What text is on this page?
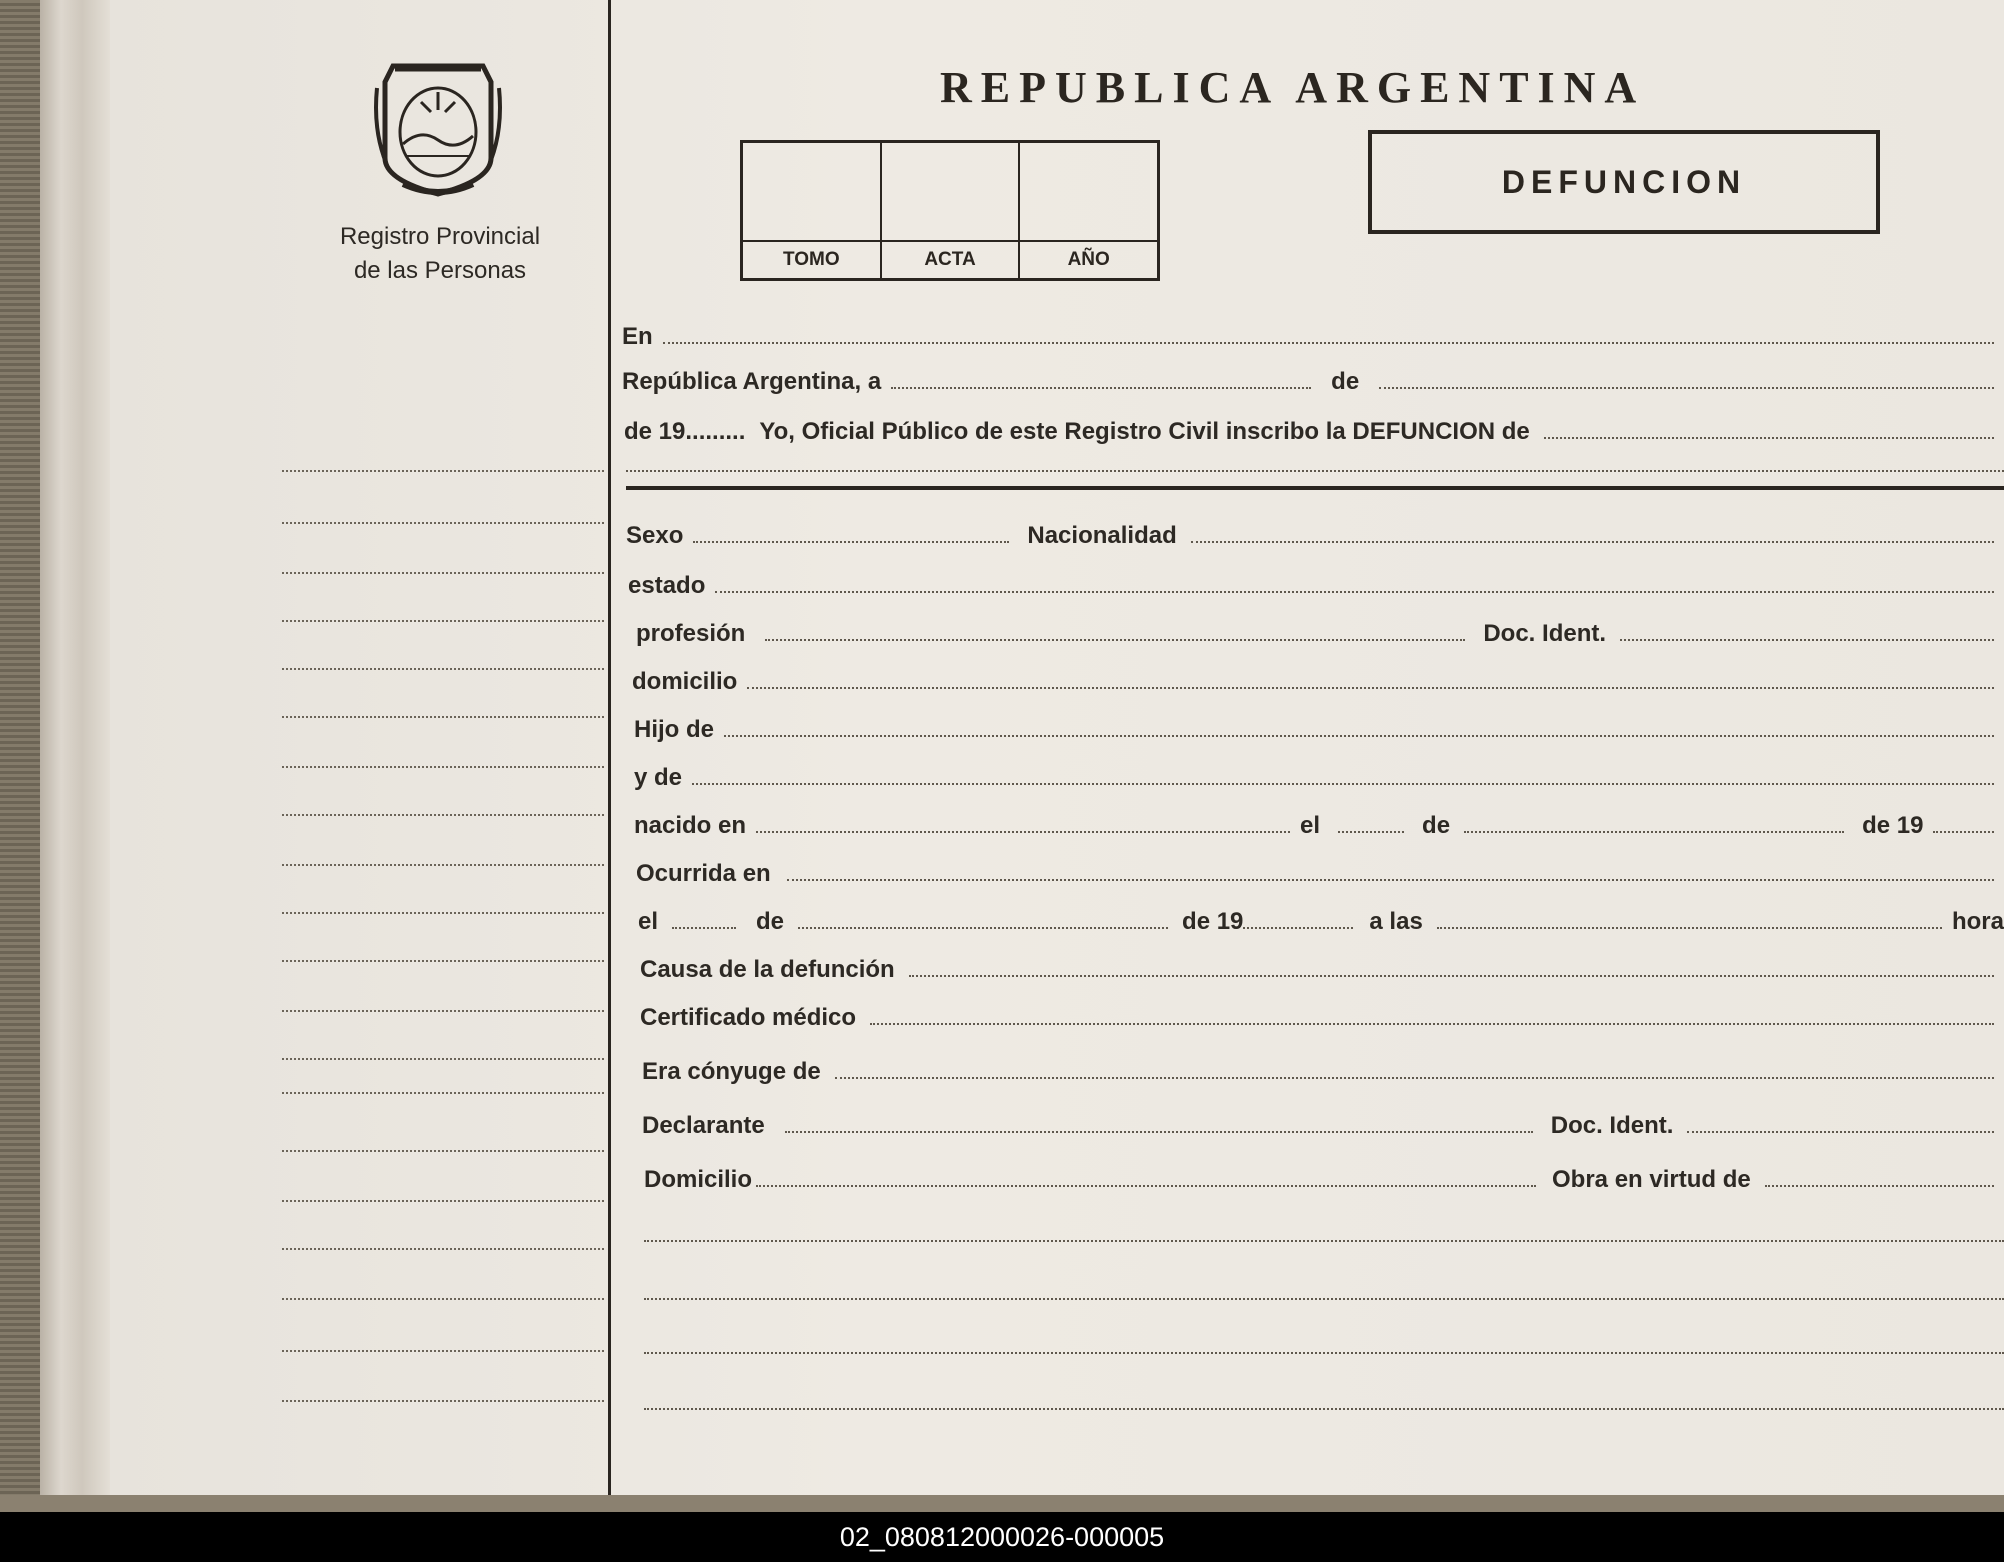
Registro Provincial
de las Personas
REPUBLICA ARGENTINA
TOMO	ACTA	AÑO
DEFUNCION
En
República Argentina, a	de
de 19......... Yo, Oficial Público de este Registro Civil inscribo la DEFUNCION de
Sexo	Nacionalidad
estado
profesión	Doc. Ident.
domicilio
Hijo de
y de
nacido en	el	de	de 19
Ocurrida en
el	de	de 19	a las	hora
Causa de la defunción
Certificado médico
Era cónyuge de
Declarante	Doc. Ident.
Domicilio	Obra en virtud de
02_080812000026-000005
